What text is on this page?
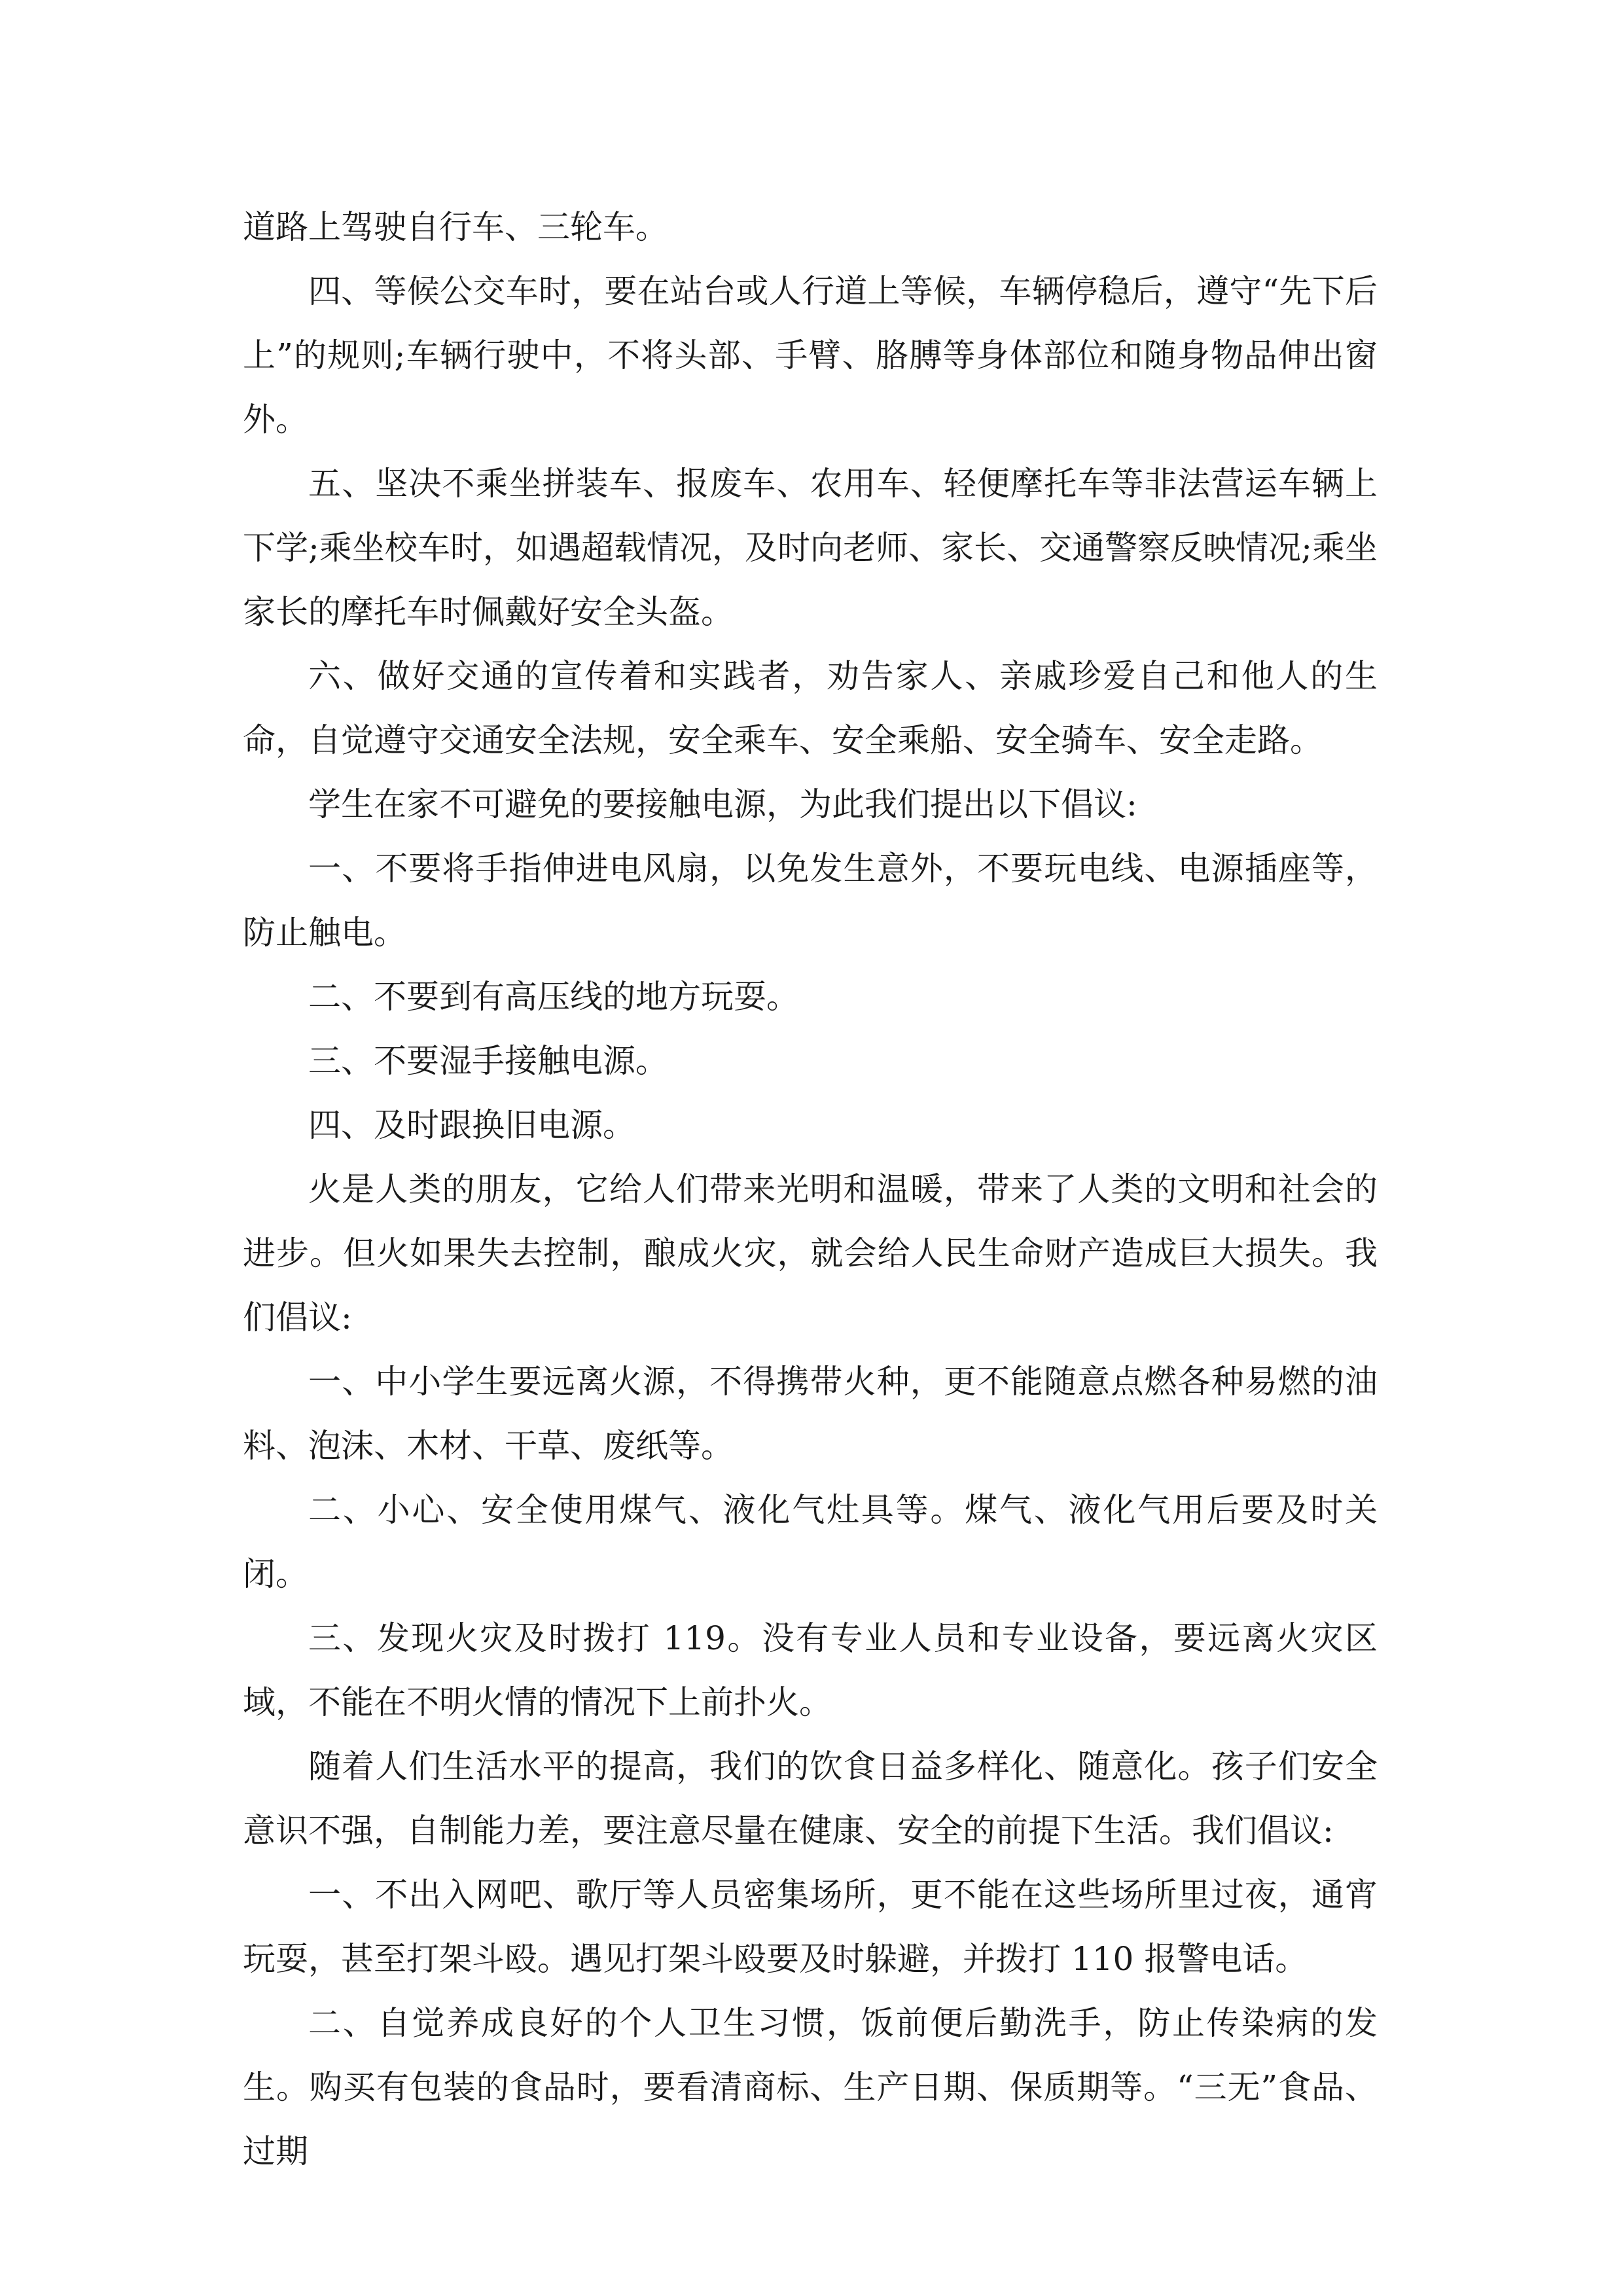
道路上驾驶自行车、三轮车。

四、等候公交车时，要在站台或人行道上等候，车辆停稳后，遵守“先下后上”的规则;车辆行驶中，不将头部、手臂、胳膊等身体部位和随身物品伸出窗外。

五、坚决不乘坐拼装车、报废车、农用车、轻便摩托车等非法营运车辆上下学;乘坐校车时，如遇超载情况，及时向老师、家长、交通警察反映情况;乘坐家长的摩托车时佩戴好安全头盔。

六、做好交通的宣传着和实践者，劝告家人、亲戚珍爱自己和他人的生命，自觉遵守交通安全法规，安全乘车、安全乘船、安全骑车、安全走路。

学生在家不可避免的要接触电源，为此我们提出以下倡议:

一、不要将手指伸进电风扇，以免发生意外，不要玩电线、电源插座等，防止触电。

二、不要到有高压线的地方玩耍。

三、不要湿手接触电源。

四、及时跟换旧电源。

火是人类的朋友，它给人们带来光明和温暖，带来了人类的文明和社会的进步。但火如果失去控制，酿成火灾，就会给人民生命财产造成巨大损失。我们倡议:

一、中小学生要远离火源，不得携带火种，更不能随意点燃各种易燃的油料、泡沫、木材、干草、废纸等。

二、小心、安全使用煤气、液化气灶具等。煤气、液化气用后要及时关闭。

三、发现火灾及时拨打 119。没有专业人员和专业设备，要远离火灾区域，不能在不明火情的情况下上前扑火。

随着人们生活水平的提高，我们的饮食日益多样化、随意化。孩子们安全意识不强，自制能力差，要注意尽量在健康、安全的前提下生活。我们倡议:

一、不出入网吧、歌厅等人员密集场所，更不能在这些场所里过夜，通宵玩耍，甚至打架斗殴。遇见打架斗殴要及时躲避，并拨打 110 报警电话。

二、自觉养成良好的个人卫生习惯，饭前便后勤洗手，防止传染病的发生。购买有包装的食品时，要看清商标、生产日期、保质期等。“三无”食品、过期
